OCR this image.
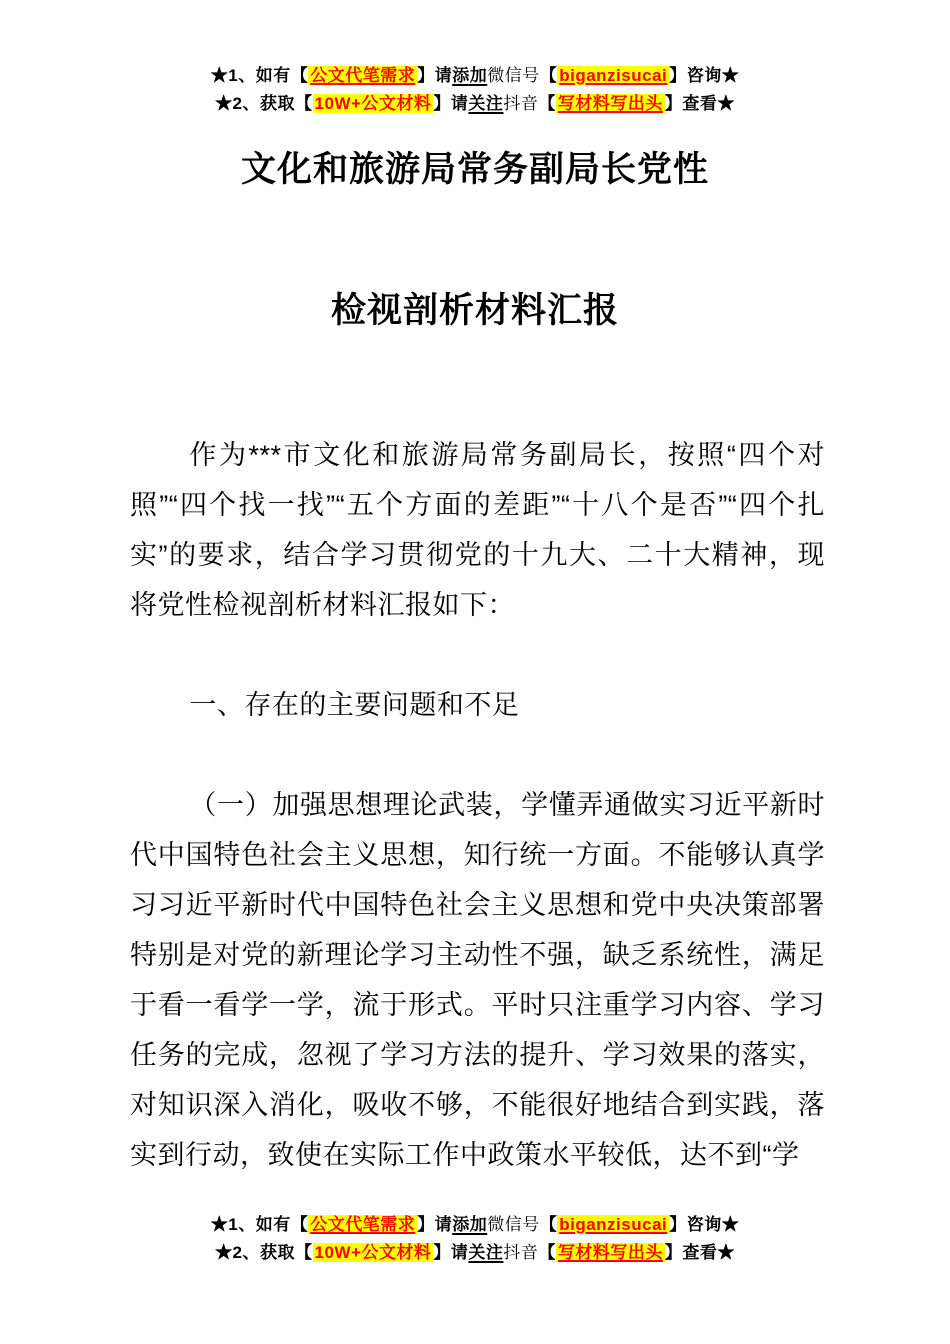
★1、如有【 公文代笔需求 】请添加微信号【 biganzisucai 】咨询★
★2、获取【 10W+公文材料 】请关注抖音【 写材料写出头 】查看★
文化和旅游局常务副局长党性
检视剖析材料汇报

作为***市文化和旅游局常务副局长，按照“四个对照”“四个找一找”“五个方面的差距”“十八个是否”“四个扎实”的要求，结合学习贯彻党的十九大、二十大精神，现将党性检视剖析材料汇报如下：

一、存在的主要问题和不足

（一）加强思想理论武装，学懂弄通做实习近平新时代中国特色社会主义思想，知行统一方面。不能够认真学习习近平新时代中国特色社会主义思想和党中央决策部署特别是对党的新理论学习主动性不强，缺乏系统性，满足于看一看学一学，流于形式。平时只注重学习内容、学习任务的完成，忽视了学习方法的提升、学习效果的落实，对知识深入消化，吸收不够，不能很好地结合到实践，落实到行动，致使在实际工作中政策水平较低，达不到“学

★1、如有【 公文代笔需求 】请添加微信号【 biganzisucai 】咨询★
★2、获取【 10W+公文材料 】请关注抖音【 写材料写出头 】查看★
